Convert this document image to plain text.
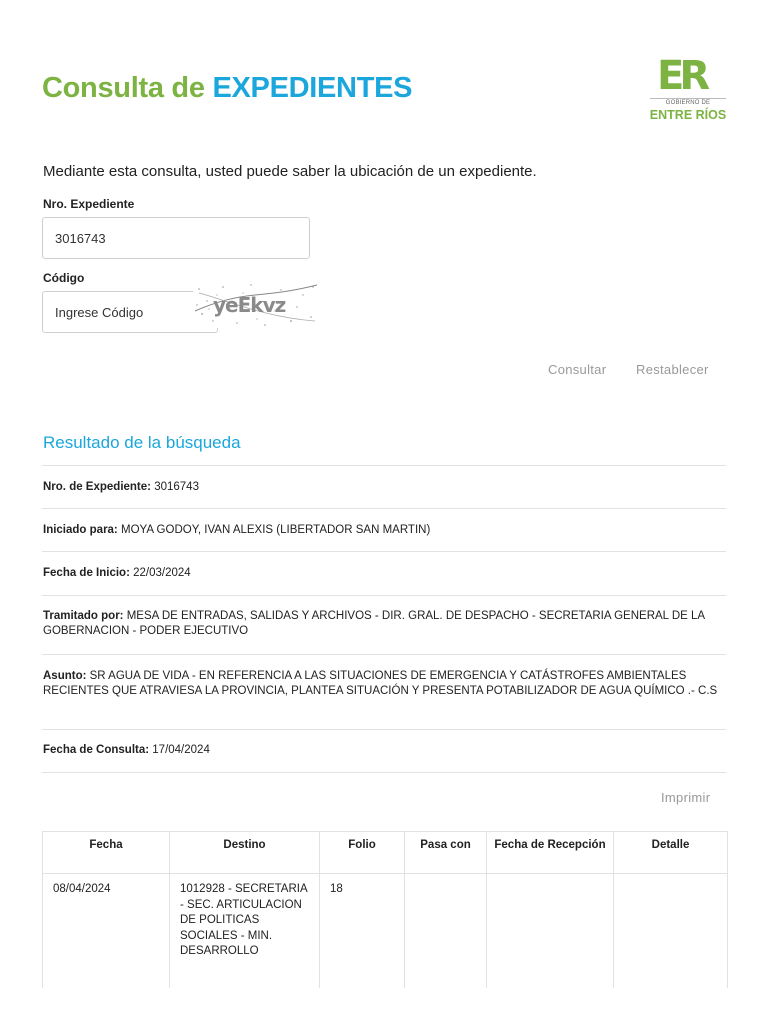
Consulta de EXPEDIENTES	ER
GOBIERNO DE
ENTRE RÍOS
Mediante esta consulta, usted puede saber la ubicación de un expediente.
Nro. Expediente
3016743
Código
Ingrese Código
yeEkvz
Consultar Restablecer
Resultado de la búsqueda
Nro. de Expediente: 3016743
Iniciado para: MOYA GODOY, IVAN ALEXIS (LIBERTADOR SAN MARTIN)
Fecha de Inicio: 22/03/2024
Tramitado por: MESA DE ENTRADAS, SALIDAS Y ARCHIVOS - DIR. GRAL. DE DESPACHO - SECRETARIA GENERAL DE LA GOBERNACION - PODER EJECUTIVO
Asunto: SR AGUA DE VIDA - EN REFERENCIA A LAS SITUACIONES DE EMERGENCIA Y CATÁSTROFES AMBIENTALES RECIENTES QUE ATRAVIESA LA PROVINCIA, PLANTEA SITUACIÓN Y PRESENTA POTABILIZADOR DE AGUA QUÍMICO .- C.S
Fecha de Consulta: 17/04/2024
Imprimir
Fecha	Destino	Folio	Pasa con	Fecha de Recepción	Detalle
08/04/2024	1012928 - SECRETARIA - SEC. ARTICULACION DE POLITICAS SOCIALES - MIN. DESARROLLO	18			
